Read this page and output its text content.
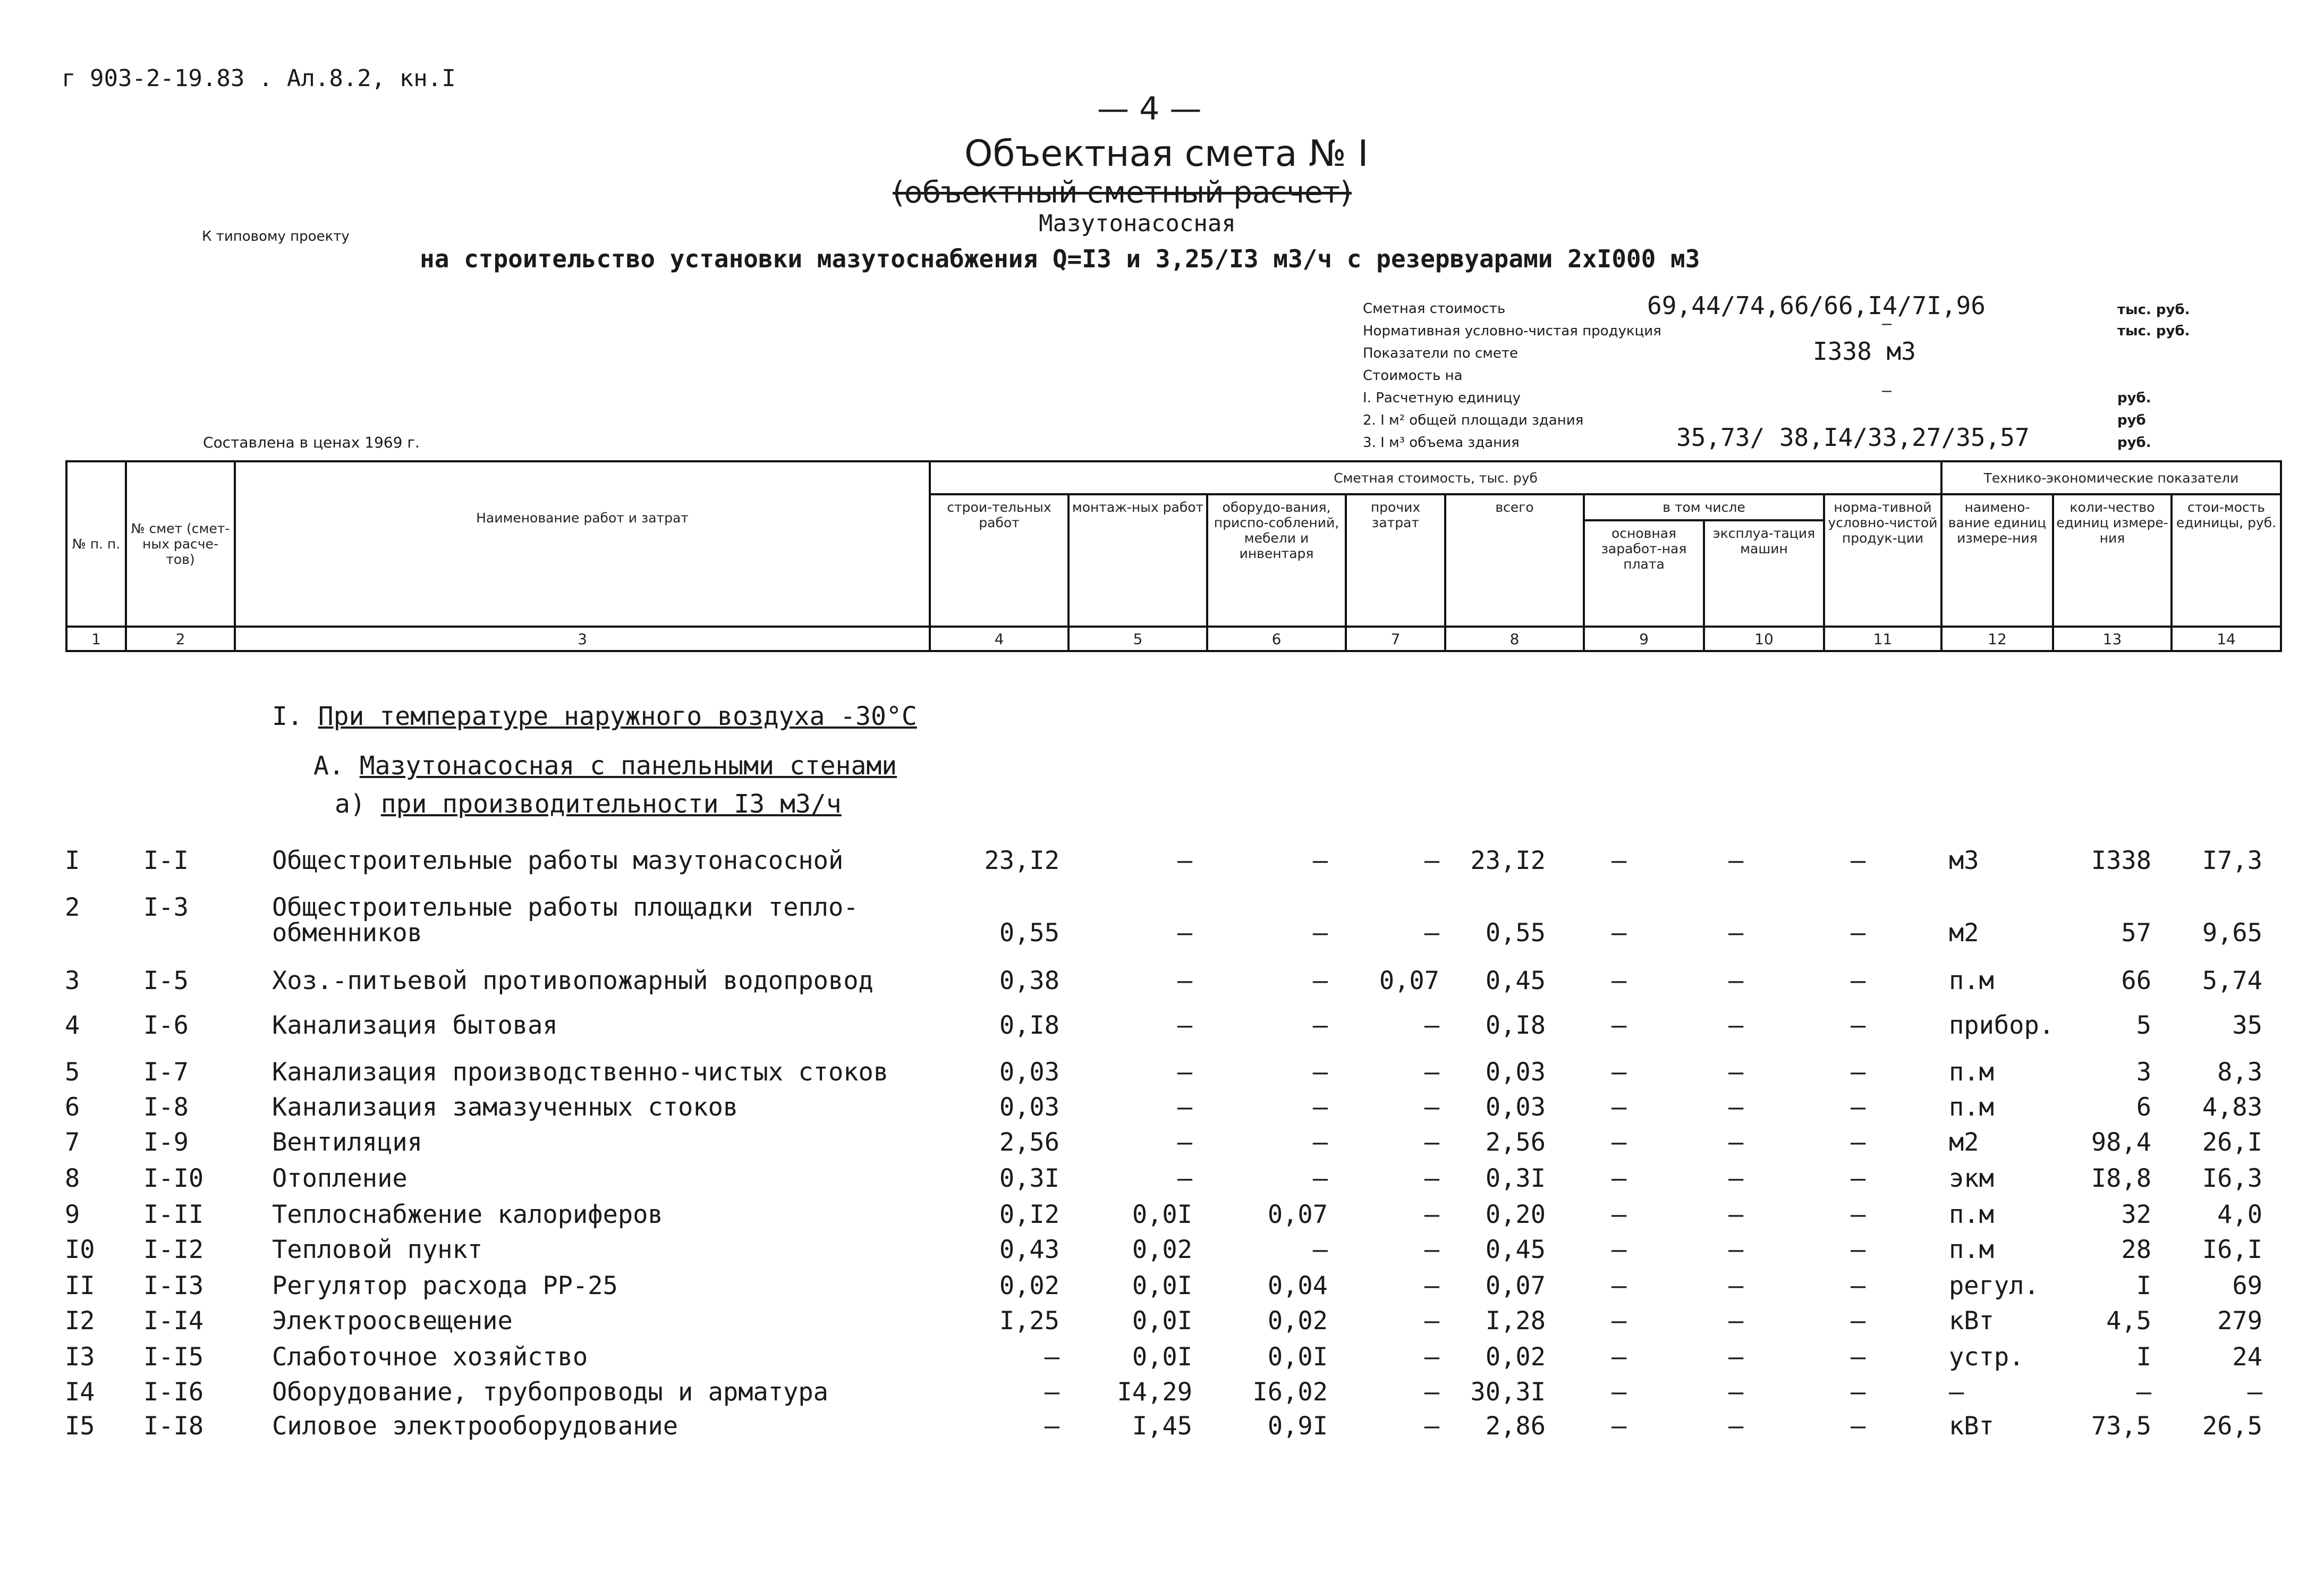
г 903-2-19.83 . Ал.8.2, кн.I
— 4 —
Объектная смета № I
(объектный сметный расчет)
К типовому проекту	Мазутонасосная
на строительство установки мазутоснабжения Q=I3 и 3,25/I3 м3/ч с резервуарами 2хI000 м3
Сметная стоимость	69,44/74,66/66,I4/7I,96	тыс. руб.
Нормативная условно-чистая продукция	–	тыс. руб.
Показатели по смете	I338 м3
Стоимость на
I. Расчетную единицу	–	руб.
2. I м² общей площади здания	руб
3. I м³ объема здания	35,73/ 38,I4/33,27/35,57	руб.
Составлена в ценах 1969 г.
№ п. п.	№ смет (смет-ных расче-тов)	Наименование работ и затрат	Сметная стоимость, тыс. руб								Технико-экономические показатели		
			строи-тельных работ	монтаж-ных работ	оборудо-вания, приспо-соблений, мебели и инвентаря	прочих затрат	всего	в том числе		норма-тивной условно-чистой продук-ции	наимено-вание единиц измере-ния	коли-чество единиц измере-ния	стои-мость единицы, руб.
								основная заработ-ная плата	эксплуа-тация машин				
1	2	3	4	5	6	7	8	9	10	11	12	13	14
I. При температуре наружного воздуха -30°С
А. Мазутонасосная с панельными стенами
а) при производительности I3 м3/ч
I	I-I	Общестроительные работы мазутонасосной	23,I2	–	–	– 23,I2	–	–	–	м3	I338 I7,3
2	I-3	Общестроительные работы площадки тепло-
обменников	0,55	–	–	– 0,55	–	–	–	м2	57 9,65
3	I-5	Хоз.-питьевой противопожарный водопровод	0,38	–	– 0,07 0,45	–	–	–	п.м	66 5,74
4	I-6	Канализация бытовая	0,I8	–	–	– 0,I8	–	–	–	прибор.	5	35
5	I-7	Канализация производственно-чистых стоков	0,03	–	–	– 0,03	–	–	–	п.м	3	8,3
6	I-8	Канализация замазученных стоков	0,03	–	–	– 0,03	–	–	–	п.м	6 4,83
7	I-9	Вентиляция	2,56	–	–	– 2,56	–	–	–	м2	98,4 26,I
8	I-I0	Отопление	0,3I	–	–	– 0,3I	–	–	–	экм	I8,8 I6,3
9	I-II	Теплоснабжение калориферов	0,I2	0,0I	0,07	– 0,20	–	–	–	п.м	32	4,0
I0 I-I2	Тепловой пункт	0,43	0,02	–	– 0,45	–	–	–	п.м	28 I6,I
II I-I3	Регулятор расхода РР-25	0,02	0,0I	0,04	– 0,07	–	–	–	регул.	I	69
I2 I-I4	Электроосвещение	I,25	0,0I	0,02	– I,28	–	–	–	кВт	4,5	279
I3 I-I5	Слаботочное хозяйство	–	0,0I	0,0I	– 0,02	–	–	–	устр.	I	24
I4 I-I6	Оборудование, трубопроводы и арматура	– I4,29 I6,02	– 30,3I	–	–	–	–	–	–
I5 I-I8	Силовое электрооборудование	–	I,45	0,9I	– 2,86	–	–	–	кВт	73,5 26,5
